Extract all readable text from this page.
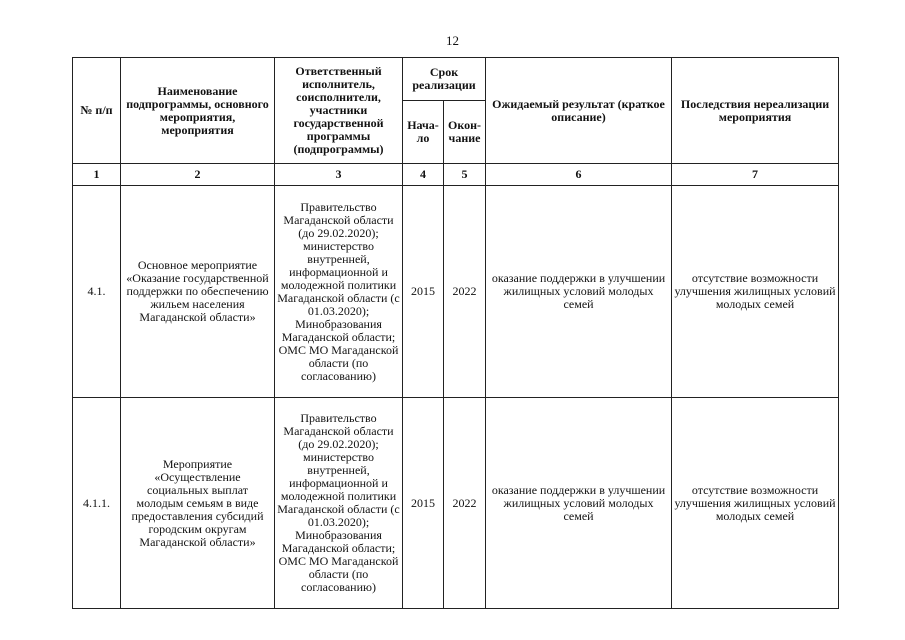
12
№ п/п	Наименование подпрограммы, основного мероприятия, мероприятия	Ответственный исполнитель, соисполнители, участники государственной программы (подпрограммы)	Срок реализации		Ожидаемый результат (краткое описание)	Последствия нереализации мероприятия
			Нача-ло	Окон-чание		
1	2	3	4	5	6	7
4.1.	Основное мероприятие «Оказание государственной поддержки по обеспечению жильем населения Магаданской области»	Правительство Магаданской области (до 29.02.2020); министерство внутренней, информационной и молодежной политики Магаданской области (с 01.03.2020); Минобразования Магаданской области; ОМС МО Магаданской области (по согласованию)	2015	2022	оказание поддержки в улучшении жилищных условий молодых семей	отсутствие возможности улучшения жилищных условий молодых семей
4.1.1.	Мероприятие «Осуществление социальных выплат молодым семьям в виде предоставления субсидий городским округам Магаданской области»	Правительство Магаданской области (до 29.02.2020); министерство внутренней, информационной и молодежной политики Магаданской области (с 01.03.2020); Минобразования Магаданской области; ОМС МО Магаданской области (по согласованию)	2015	2022	оказание поддержки в улучшении жилищных условий молодых семей	отсутствие возможности улучшения жилищных условий молодых семей
